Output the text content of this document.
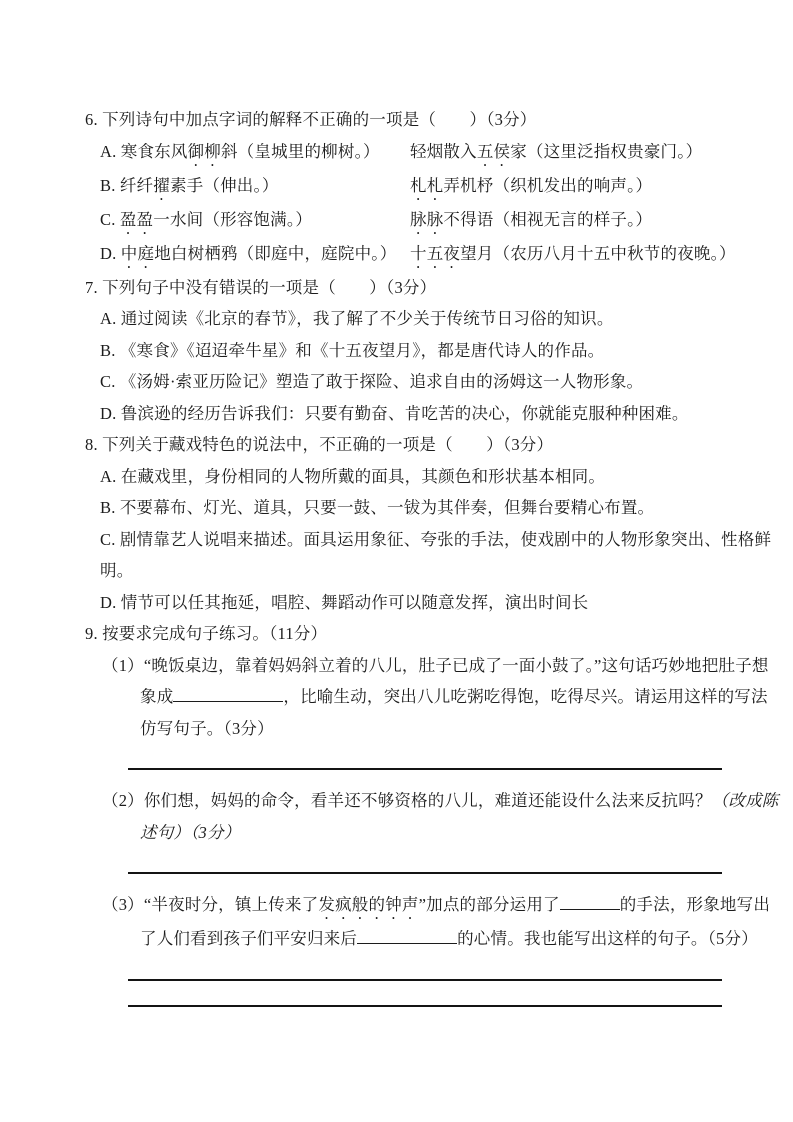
6. 下列诗句中加点字词的解释不正确的一项是（　　）（3分）
A. 寒食东风御柳斜（皇城里的柳树。）	轻烟散入五侯家（这里泛指权贵豪门。）
B. 纤纤擢素手（伸出。）	札札弄机杼（织机发出的响声。）
C. 盈盈一水间（形容饱满。）	脉脉不得语（相视无言的样子。）
D. 中庭地白树栖鸦（即庭中，庭院中。） 十五夜望月（农历八月十五中秋节的夜晚。）
7. 下列句子中没有错误的一项是（　　）（3分）
A. 通过阅读《北京的春节》，我了解了不少关于传统节日习俗的知识。
B. 《寒食》《迢迢牵牛星》和《十五夜望月》，都是唐代诗人的作品。
C. 《汤姆·索亚历险记》塑造了敢于探险、追求自由的汤姆这一人物形象。
D. 鲁滨逊的经历告诉我们：只要有勤奋、肯吃苦的决心，你就能克服种种困难。
8. 下列关于藏戏特色的说法中，不正确的一项是（　　）（3分）
A. 在藏戏里，身份相同的人物所戴的面具，其颜色和形状基本相同。
B. 不要幕布、灯光、道具，只要一鼓、一钹为其伴奏，但舞台要精心布置。
C. 剧情靠艺人说唱来描述。面具运用象征、夸张的手法，使戏剧中的人物形象突出、性格鲜明。
D. 情节可以任其拖延，唱腔、舞蹈动作可以随意发挥，演出时间长
9. 按要求完成句子练习。（11分）
（1）“晚饭桌边，靠着妈妈斜立着的八儿，肚子已成了一面小鼓了。”这句话巧妙地把肚子想象成	，比喻生动，突出八儿吃粥吃得饱，吃得尽兴。请运用这样的写法仿写句子。（3分）
（2）你们想，妈妈的命令，看羊还不够资格的八儿，难道还能设什么法来反抗吗？（改成陈述句）（3分）
（3）“半夜时分，镇上传来了发疯般的钟声”加点的部分运用了	的手法，形象地写出了人们看到孩子们平安归来后	的心情。我也能写出这样的句子。（5分）
